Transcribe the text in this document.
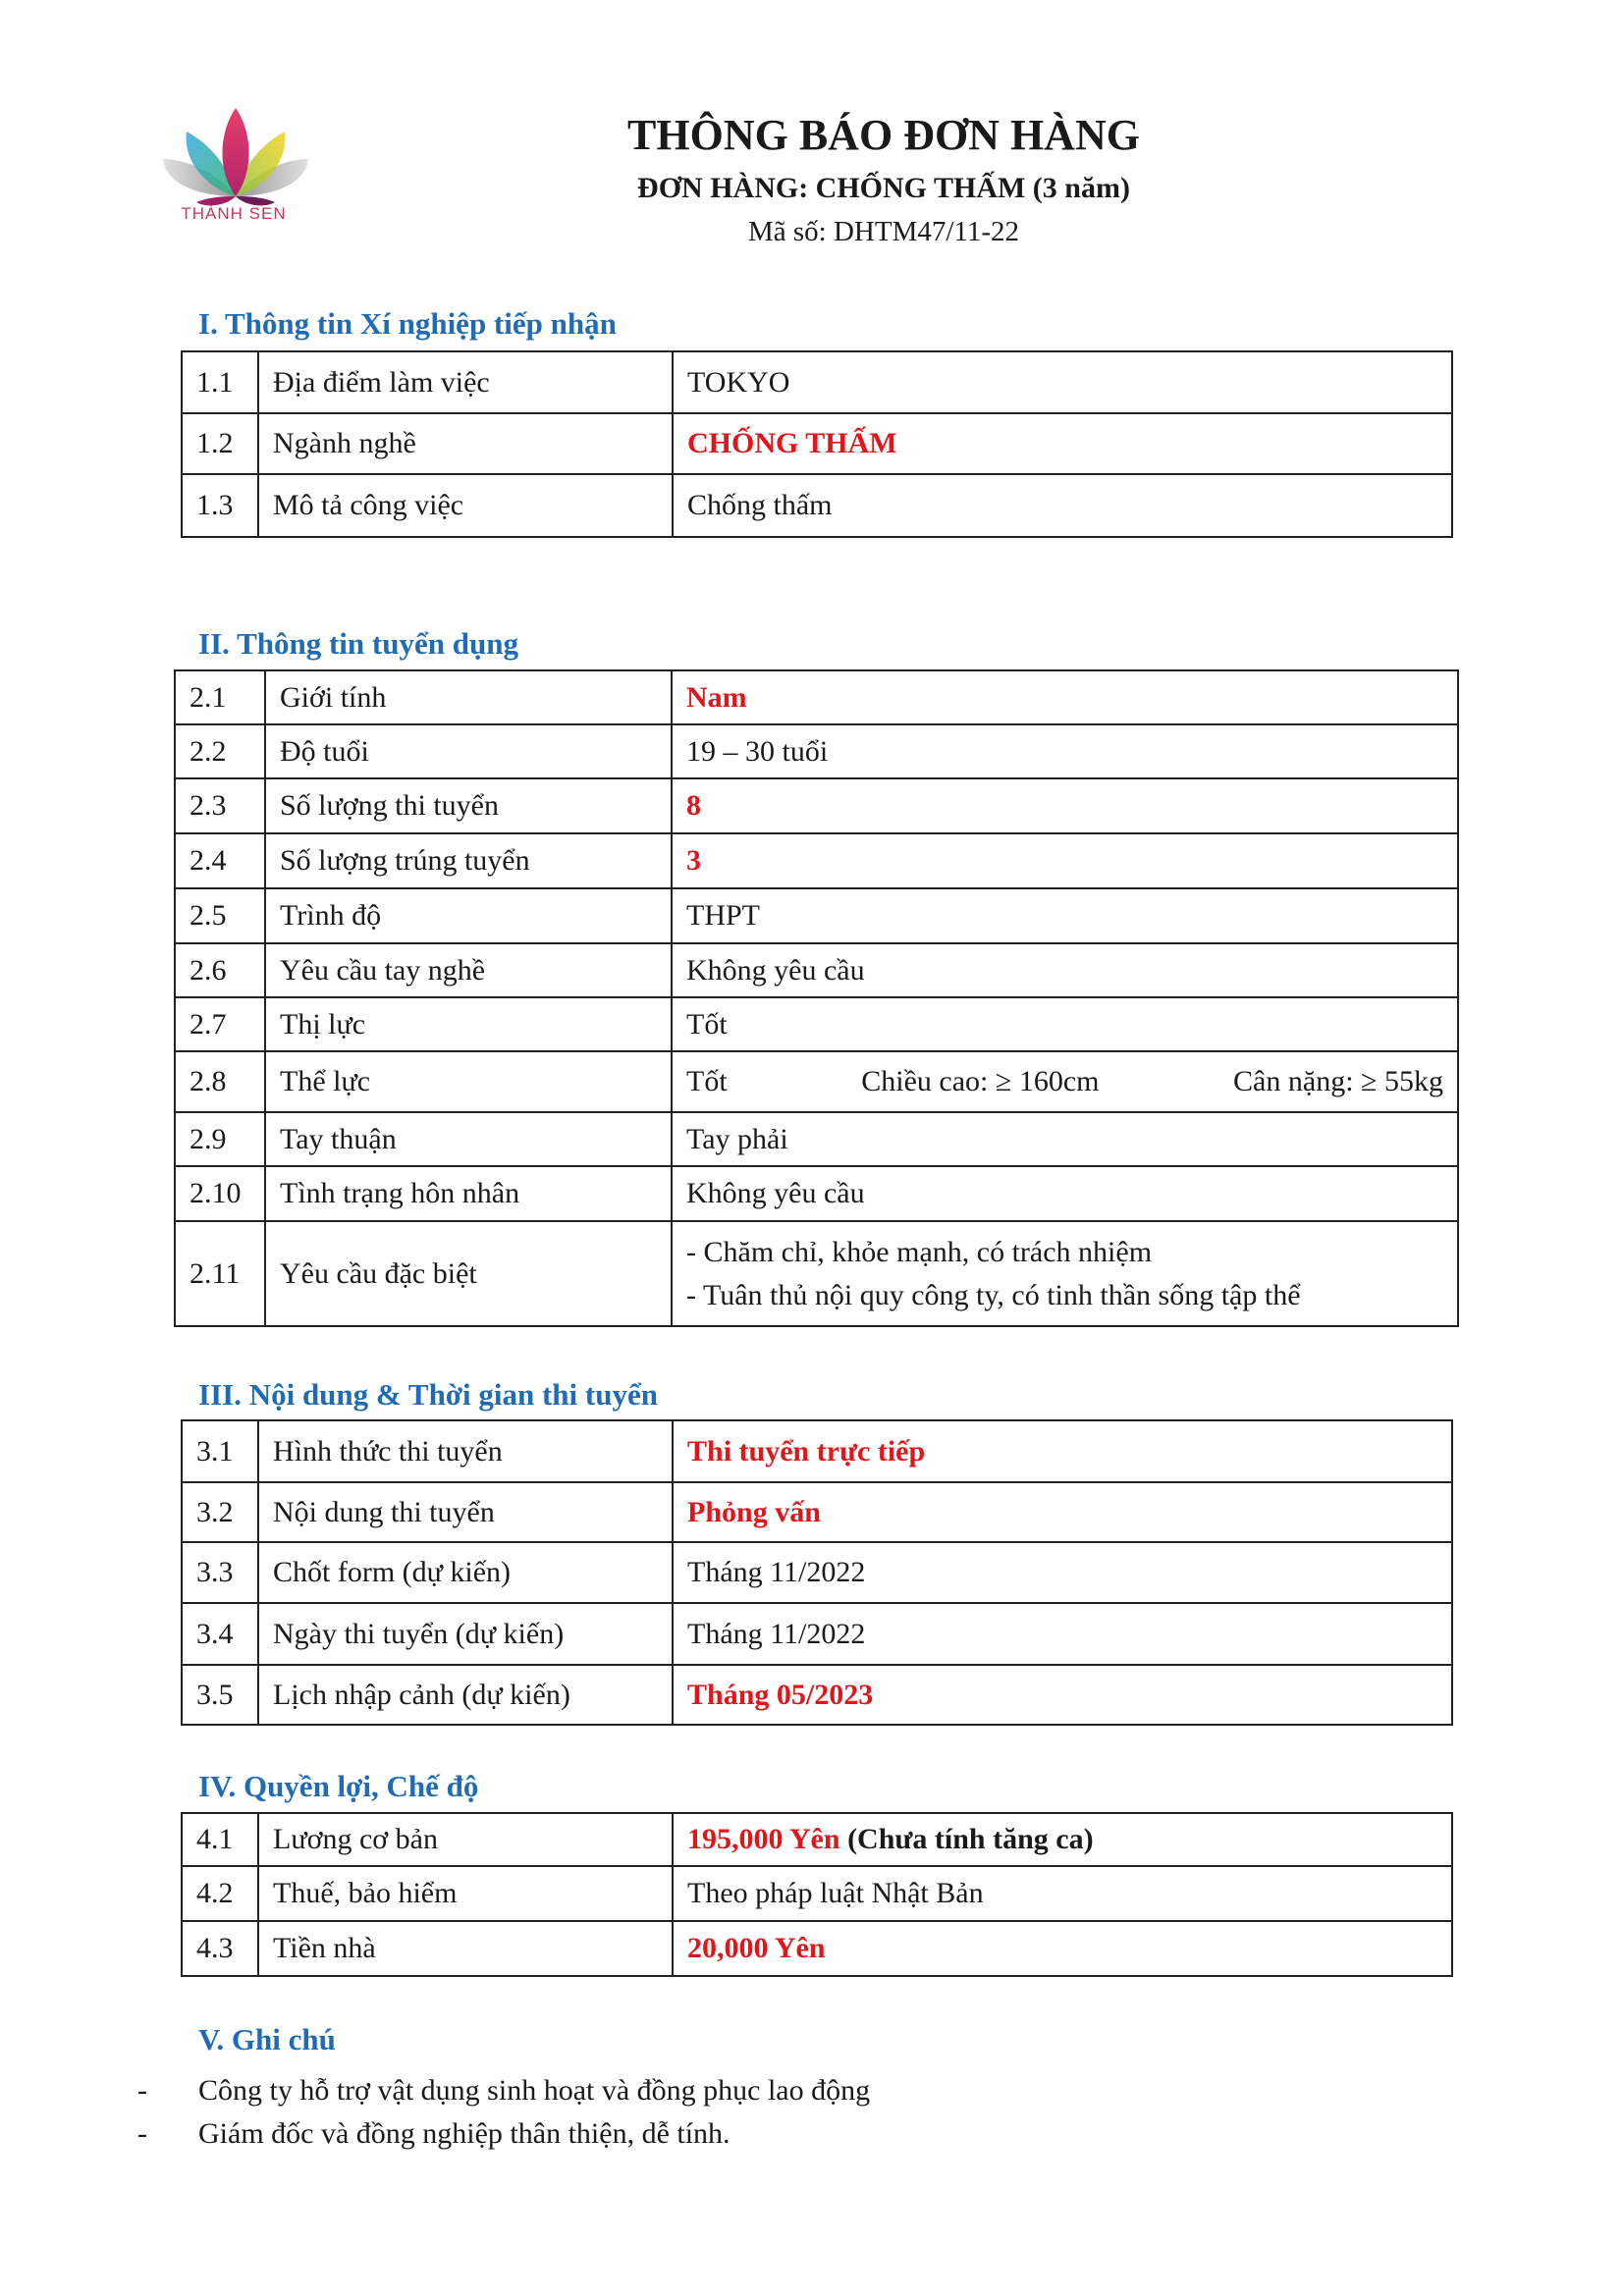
THÀNH SEN
THÔNG BÁO ĐƠN HÀNG
ĐƠN HÀNG: CHỐNG THẤM (3 năm)
Mã số: DHTM47/11-22
I. Thông tin Xí nghiệp tiếp nhận
1.1	Địa điểm làm việc	TOKYO
1.2	Ngành nghề	CHỐNG THẤM
1.3	Mô tả công việc	Chống thấm
II. Thông tin tuyển dụng
2.1	Giới tính	Nam
2.2	Độ tuổi	19 – 30 tuổi
2.3	Số lượng thi tuyển	8
2.4	Số lượng trúng tuyển	3
2.5	Trình độ	THPT
2.6	Yêu cầu tay nghề	Không yêu cầu
2.7	Thị lực	Tốt
2.8	Thể lực	Tốt Chiều cao: ≥ 160cm Cân nặng: ≥ 55kg

2.9	Tay thuận	Tay phải
2.10	Tình trạng hôn nhân	Không yêu cầu
2.11	Yêu cầu đặc biệt	- Chăm chỉ, khỏe mạnh, có trách nhiệm
- Tuân thủ nội quy công ty, có tinh thần sống tập thể
III. Nội dung & Thời gian thi tuyển
3.1	Hình thức thi tuyển	Thi tuyển trực tiếp
3.2	Nội dung thi tuyển	Phỏng vấn
3.3	Chốt form (dự kiến)	Tháng 11/2022
3.4	Ngày thi tuyển (dự kiến)	Tháng 11/2022
3.5	Lịch nhập cảnh (dự kiến)	Tháng 05/2023
IV. Quyền lợi, Chế độ
4.1	Lương cơ bản	195,000 Yên (Chưa tính tăng ca)
4.2	Thuế, bảo hiểm	Theo pháp luật Nhật Bản
4.3	Tiền nhà	20,000 Yên
V. Ghi chú
-	Công ty hỗ trợ vật dụng sinh hoạt và đồng phục lao động
-	Giám đốc và đồng nghiệp thân thiện, dễ tính.
